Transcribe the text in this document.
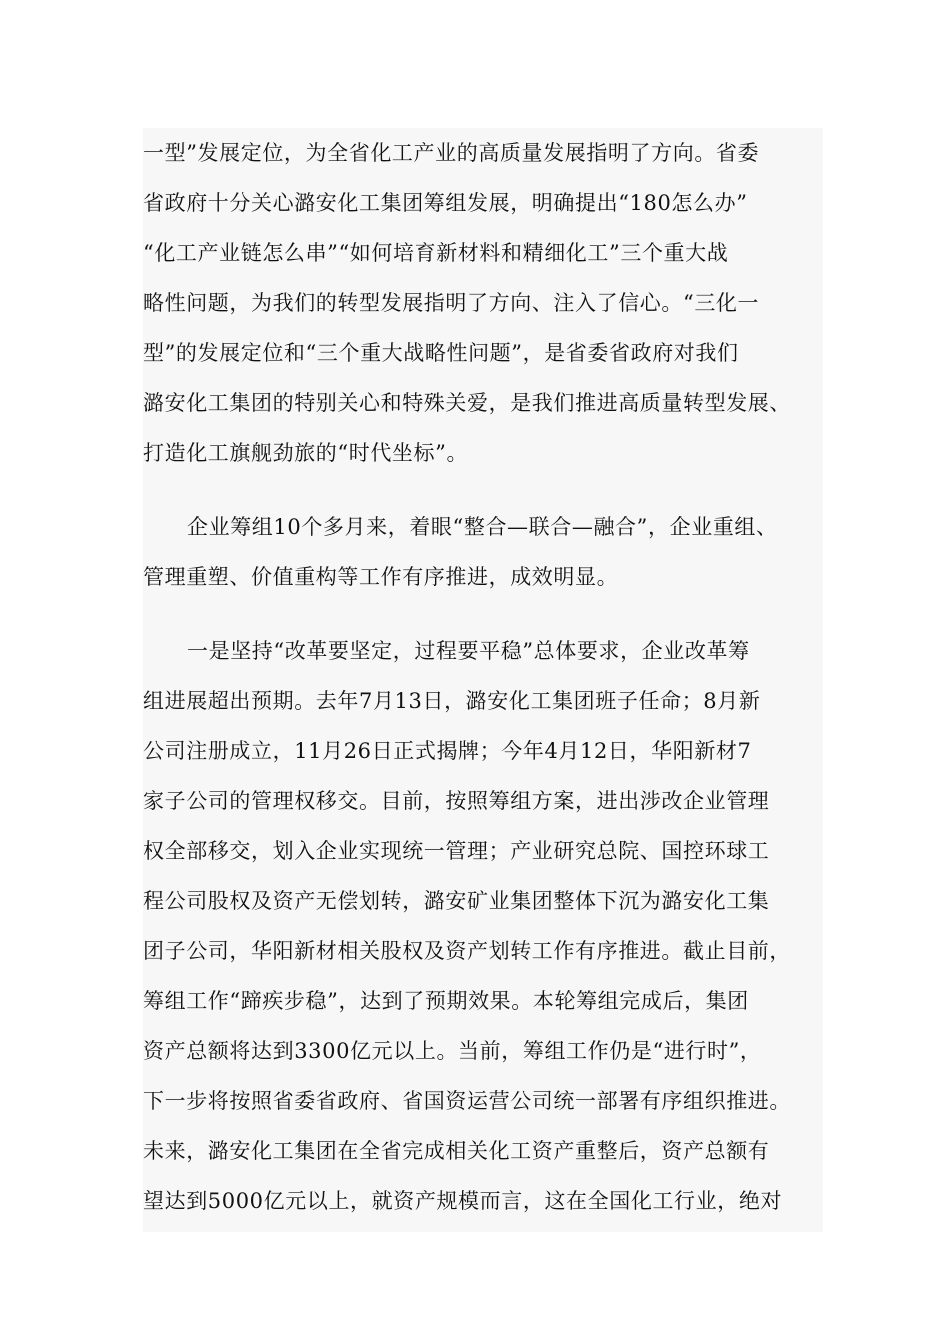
一型”发展定位，为全省化工产业的高质量发展指明了方向。省委
省政府十分关心潞安化工集团筹组发展，明确提出“180怎么办”
“化工产业链怎么串”“如何培育新材料和精细化工”三个重大战
略性问题，为我们的转型发展指明了方向、注入了信心。“三化一
型”的发展定位和“三个重大战略性问题”，是省委省政府对我们
潞安化工集团的特别关心和特殊关爱，是我们推进高质量转型发展、
打造化工旗舰劲旅的“时代坐标”。
企业筹组10个多月来，着眼“整合—联合—融合”，企业重组、
管理重塑、价值重构等工作有序推进，成效明显。
一是坚持“改革要坚定，过程要平稳”总体要求，企业改革筹
组进展超出预期。去年7月13日，潞安化工集团班子任命；8月新
公司注册成立，11月26日正式揭牌；今年4月12日，华阳新材7
家子公司的管理权移交。目前，按照筹组方案，进出涉改企业管理
权全部移交，划入企业实现统一管理；产业研究总院、国控环球工
程公司股权及资产无偿划转，潞安矿业集团整体下沉为潞安化工集
团子公司，华阳新材相关股权及资产划转工作有序推进。截止目前，
筹组工作“蹄疾步稳”，达到了预期效果。本轮筹组完成后，集团
资产总额将达到3300亿元以上。当前，筹组工作仍是“进行时”，
下一步将按照省委省政府、省国资运营公司统一部署有序组织推进。
未来，潞安化工集团在全省完成相关化工资产重整后，资产总额有
望达到5000亿元以上，就资产规模而言，这在全国化工行业，绝对
